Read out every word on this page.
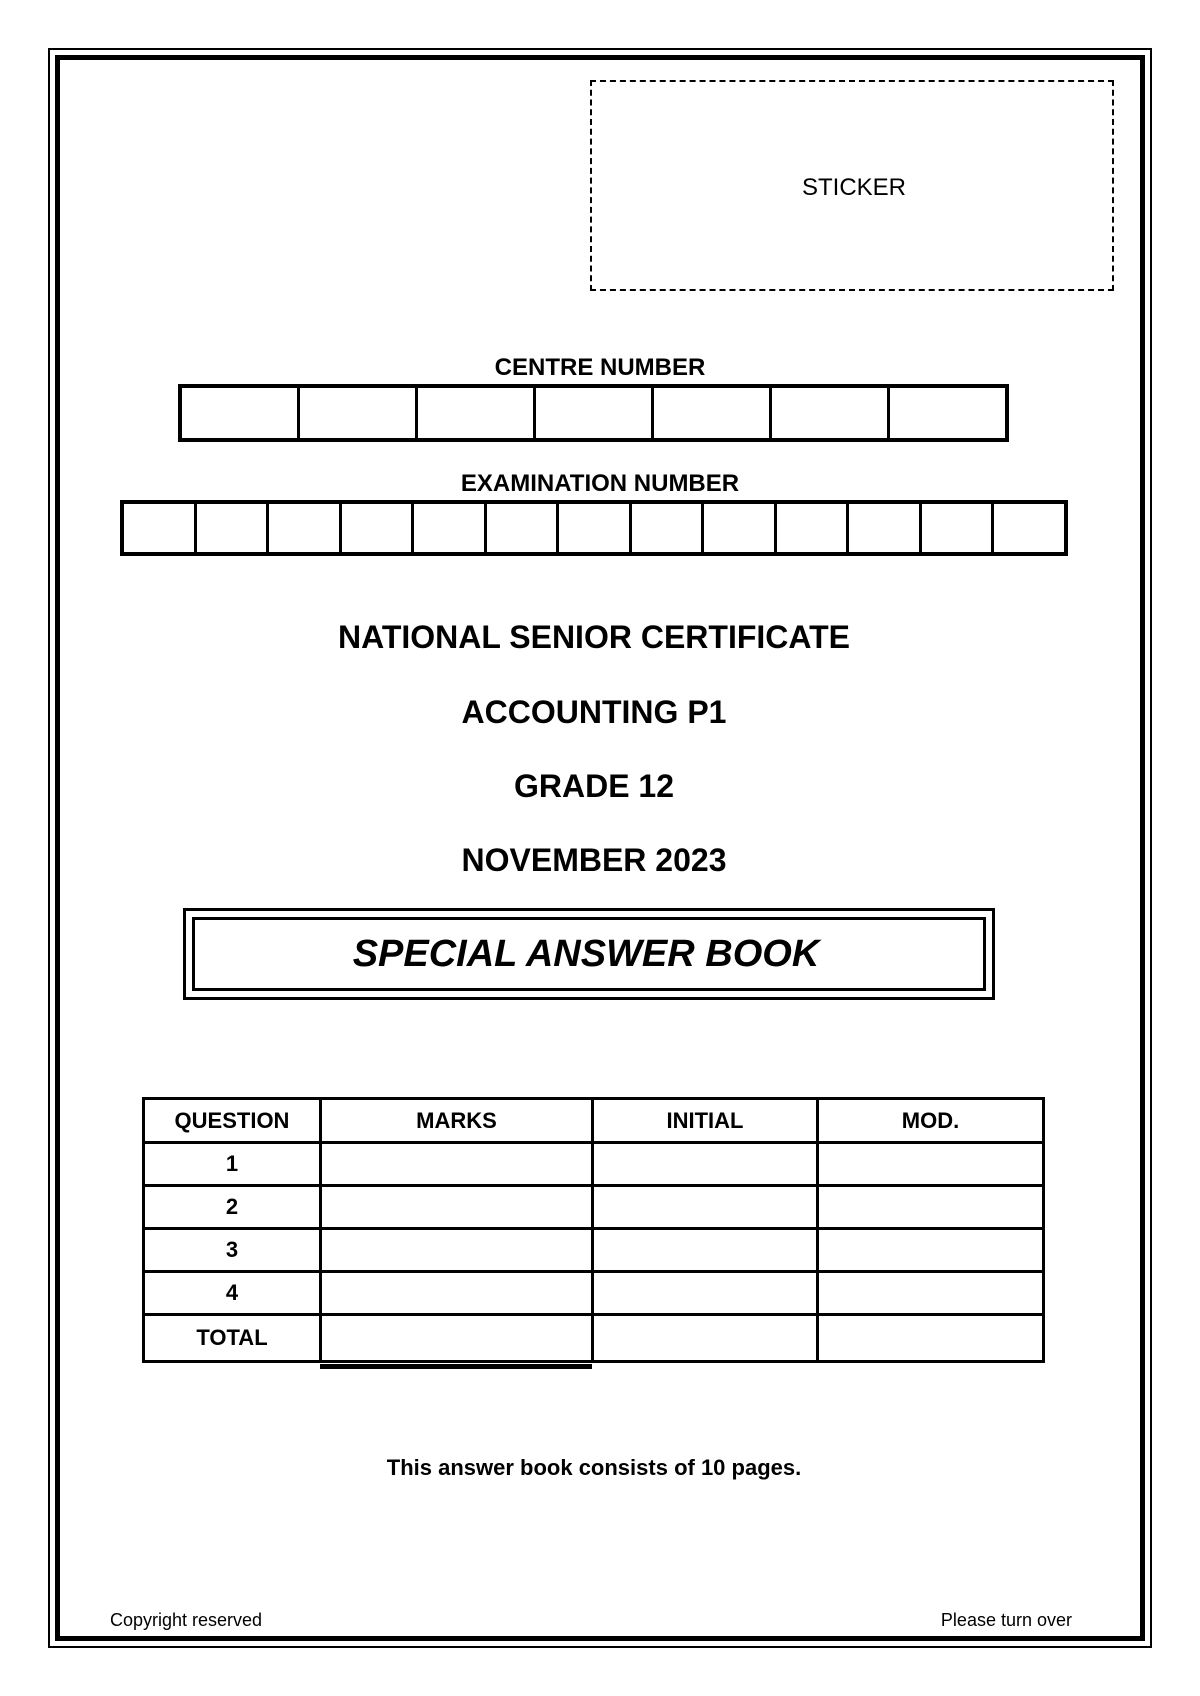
STICKER
CENTRE NUMBER
EXAMINATION NUMBER
NATIONAL SENIOR CERTIFICATE
ACCOUNTING P1
GRADE 12
NOVEMBER 2023
SPECIAL ANSWER BOOK
QUESTION	MARKS	INITIAL	MOD.
1			
2			
3			
4			
TOTAL			
This answer book consists of 10 pages.
Copyright reserved	Please turn over
